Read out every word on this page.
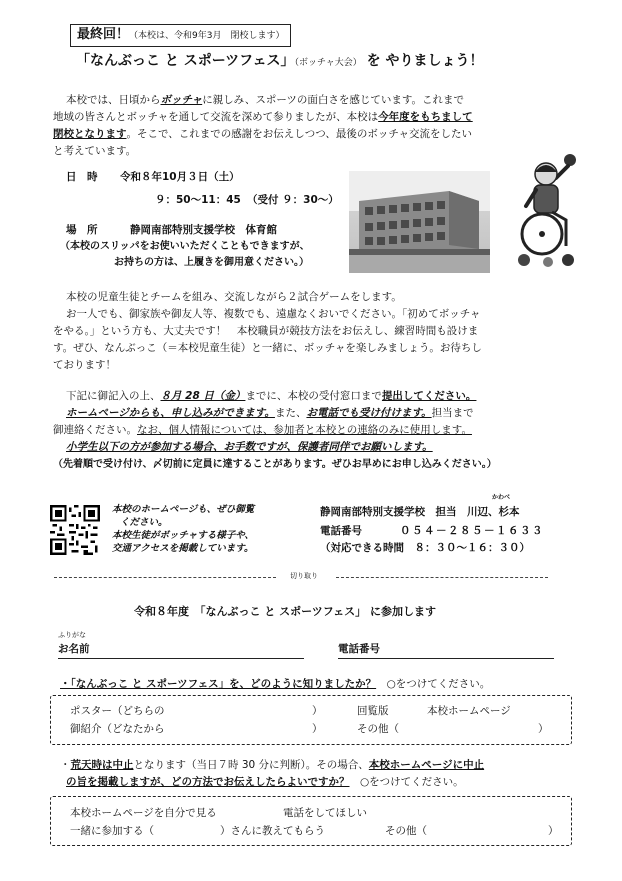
最終回！（本校は、令和9年3月　閉校します）
「なんぶっこ と スポーツフェス」（ボッチャ大会） を やりましょう！
本校では、日頃からボッチャに親しみ、スポーツの面白さを感じています。これまで
地域の皆さんとボッチャを通して交流を深めて参りましたが、本校は今年度をもちまして
閉校となります。そこで、これまでの感謝をお伝えしつつ、最後のボッチャ交流をしたい
と考えています。
日　時 令和８年10月３日（土）
９：50〜11：45 （受付 ９：30〜）
場　所	静岡南部特別支援学校　体育館
（本校のスリッパをお使いいただくこともできますが、
お持ちの方は、上履きを御用意ください。）
本校の児童生徒とチームを組み、交流しながら２試合ゲームをします。
お一人でも、御家族や御友人等、複数でも、遠慮なくおいでください。「初めてボッチャ
をやる。」という方も、大丈夫です！　本校職員が競技方法をお伝えし、練習時間も設けま
す。ぜひ、なんぶっこ（＝本校児童生徒）と一緒に、ボッチャを楽しみましょう。お待ちし
ております！
下記に御記入の上、８月 28 日（金）までに、本校の受付窓口まで提出してください。
ホームページからも、申し込みができます。また、お電話でも受け付けます。担当まで
御連絡ください。なお、個人情報については、参加者と本校との連絡のみに使用します。
小学生以下の方が参加する場合、お手数ですが、保護者同伴でお願いします。
（先着順で受け付け、〆切前に定員に達することがあります。ぜひお早めにお申し込みください。）
本校のホームページも、ぜひ御覧
ください。
本校生徒がボッチャする様子や、
交通アクセスを掲載しています。
かわべ
静岡南部特別支援学校　担当　川辺、杉本
電話番号	０５４－２８５－１６３３
（対応できる時間　８：３０〜１６：３０）
切り取り
令和８年度　「なんぶっこ と スポーツフェス」 に参加します
ふりがな
お名前	電話番号
・「なんぶっこ と スポーツフェス」を、どのように知りましたか？　 ○をつけてください。
ポスター（どちらの	）	回覧版	本校ホームページ
御紹介（どなたから	）	その他（	）
・荒天時は中止となります（当日７時 30 分に判断）。その場合、本校ホームページに中止
の旨を掲載しますが、どの方法でお伝えしたらよいですか？　 ○をつけてください。
本校ホームページを自分で見る	電話をしてほしい
一緒に参加する（	）さんに教えてもらう	その他（	）
